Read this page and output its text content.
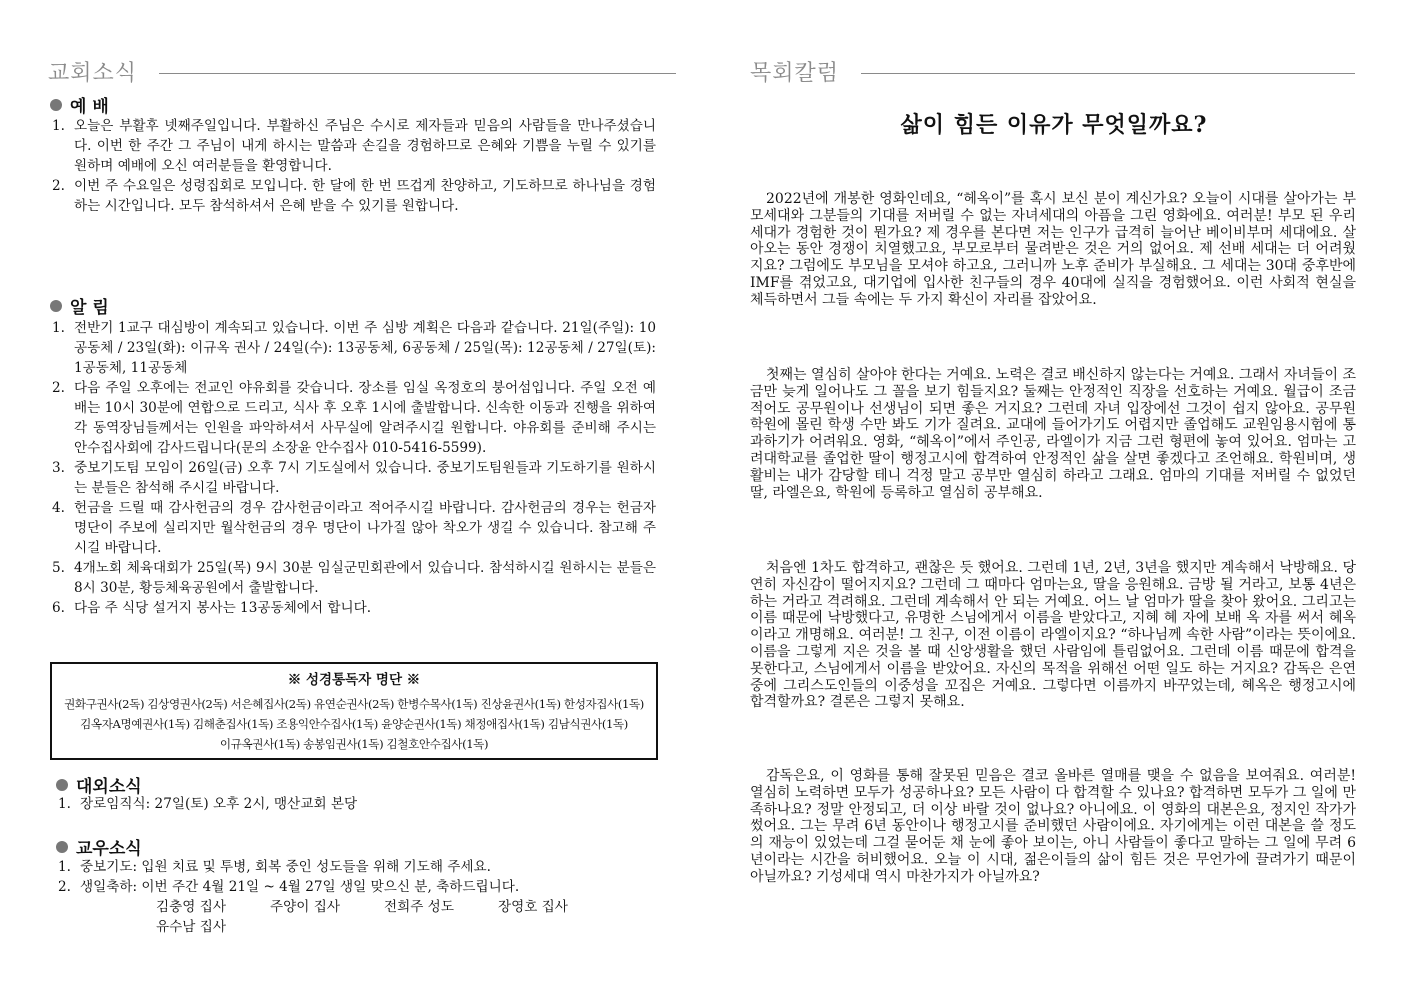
교회소식
예 배
1. 오늘은 부활후 넷째주일입니다. 부활하신 주님은 수시로 제자들과 믿음의 사람들을 만나주셨습니다. 이번 한 주간 그 주님이 내게 하시는 말씀과 손길을 경험하므로 은혜와 기쁨을 누릴 수 있기를 원하며 예배에 오신 여러분들을 환영합니다.
2. 이번 주 수요일은 성령집회로 모입니다. 한 달에 한 번 뜨겁게 찬양하고, 기도하므로 하나님을 경험하는 시간입니다. 모두 참석하셔서 은혜 받을 수 있기를 원합니다.
알 림
1. 전반기 1교구 대심방이 계속되고 있습니다. 이번 주 심방 계획은 다음과 같습니다. 21일(주일): 10공동체 / 23일(화): 이규옥 권사 / 24일(수): 13공동체, 6공동체 / 25일(목): 12공동체 / 27일(토): 1공동체, 11공동체
2. 다음 주일 오후에는 전교인 야유회를 갖습니다. 장소를 임실 옥정호의 붕어섬입니다. 주일 오전 예배는 10시 30분에 연합으로 드리고, 식사 후 오후 1시에 출발합니다. 신속한 이동과 진행을 위하여 각 동역장님들께서는 인원을 파악하셔서 사무실에 알려주시길 원합니다. 야유회를 준비해 주시는 안수집사회에 감사드립니다(문의 소장윤 안수집사 010-5416-5599).
3. 중보기도팀 모임이 26일(금) 오후 7시 기도실에서 있습니다. 중보기도팀원들과 기도하기를 원하시는 분들은 참석해 주시길 바랍니다.
4. 헌금을 드릴 때 감사헌금의 경우 감사헌금이라고 적어주시길 바랍니다. 감사헌금의 경우는 헌금자 명단이 주보에 실리지만 월삭헌금의 경우 명단이 나가질 않아 착오가 생길 수 있습니다. 참고해 주시길 바랍니다.
5. 4개노회 체육대회가 25일(목) 9시 30분 임실군민회관에서 있습니다. 참석하시길 원하시는 분들은 8시 30분, 황등체육공원에서 출발합니다.
6. 다음 주 식당 설거지 봉사는 13공동체에서 합니다.
※ 성경통독자 명단 ※
권화구권사(2독) 김상영권사(2독) 서은혜집사(2독) 유연순권사(2독) 한병수목사(1독) 진상윤권사(1독) 한성자집사(1독)
김옥자A명예권사(1독) 김해춘집사(1독) 조용익안수집사(1독) 윤양순권사(1독) 채정애집사(1독) 김남식권사(1독)
이규옥권사(1독) 송봉임권사(1독) 김철호안수집사(1독)
대외소식
1. 장로임직식: 27일(토) 오후 2시, 맹산교회 본당
교우소식
1. 중보기도: 입원 치료 및 투병, 회복 중인 성도들을 위해 기도해 주세요.
2. 생일축하: 이번 주간 4월 21일 ~ 4월 27일 생일 맞으신 분, 축하드립니다.
김충영 집사	주양이 집사	전희주 성도	장영호 집사
유수남 집사
목회칼럼
삶이 힘든 이유가 무엇일까요?

2022년에 개봉한 영화인데요, “헤옥이”를 혹시 보신 분이 계신가요? 오늘이 시대를 살아가는 부모세대와 그분들의 기대를 저버릴 수 없는 자녀세대의 아픔을 그린 영화에요. 여러분! 부모 된 우리 세대가 경험한 것이 뭔가요? 제 경우를 본다면 저는 인구가 급격히 늘어난 베이비부머 세대에요. 살아오는 동안 경쟁이 치열했고요, 부모로부터 물려받은 것은 거의 없어요. 제 선배 세대는 더 어려웠지요? 그럼에도 부모님을 모셔야 하고요, 그러니까 노후 준비가 부실해요. 그 세대는 30대 중후반에 IMF를 겪었고요, 대기업에 입사한 친구들의 경우 40대에 실직을 경험했어요. 이런 사회적 현실을 체득하면서 그들 속에는 두 가지 확신이 자리를 잡았어요.

첫째는 열심히 살아야 한다는 거예요. 노력은 결코 배신하지 않는다는 거예요. 그래서 자녀들이 조금만 늦게 일어나도 그 꼴을 보기 힘들지요? 둘째는 안정적인 직장을 선호하는 거예요. 월급이 조금 적어도 공무원이나 선생님이 되면 좋은 거지요? 그런데 자녀 입장에선 그것이 쉽지 않아요. 공무원 학원에 몰린 학생 수만 봐도 기가 질려요. 교대에 들어가기도 어렵지만 졸업해도 교원임용시험에 통과하기가 어려워요. 영화, “헤옥이”에서 주인공, 라엘이가 지금 그런 형편에 놓여 있어요. 엄마는 고려대학교를 졸업한 딸이 행정고시에 합격하여 안정적인 삶을 살면 좋겠다고 조언해요. 학원비며, 생활비는 내가 감당할 테니 걱정 말고 공부만 열심히 하라고 그래요. 엄마의 기대를 저버릴 수 없었던 딸, 라엘은요, 학원에 등록하고 열심히 공부해요.

처음엔 1차도 합격하고, 괜찮은 듯 했어요. 그런데 1년, 2년, 3년을 했지만 계속해서 낙방해요. 당연히 자신감이 떨어지지요? 그런데 그 때마다 엄마는요, 딸을 응원해요. 금방 될 거라고, 보통 4년은 하는 거라고 격려해요. 그런데 계속해서 안 되는 거예요. 어느 날 엄마가 딸을 찾아 왔어요. 그리고는 이름 때문에 낙방했다고, 유명한 스님에게서 이름을 받았다고, 지혜 혜 자에 보배 옥 자를 써서 혜옥이라고 개명해요. 여러분! 그 친구, 이전 이름이 라엘이지요? “하나님께 속한 사람”이라는 뜻이에요. 이름을 그렇게 지은 것을 볼 때 신앙생활을 했던 사람임에 틀림없어요. 그런데 이름 때문에 합격을 못한다고, 스님에게서 이름을 받았어요. 자신의 목적을 위해선 어떤 일도 하는 거지요? 감독은 은연중에 그리스도인들의 이중성을 꼬집은 거예요. 그렇다면 이름까지 바꾸었는데, 혜옥은 행정고시에 합격할까요? 결론은 그렇지 못해요.

감독은요, 이 영화를 통해 잘못된 믿음은 결코 올바른 열매를 맺을 수 없음을 보여줘요. 여러분! 열심히 노력하면 모두가 성공하나요? 모든 사람이 다 합격할 수 있나요? 합격하면 모두가 그 일에 만족하나요? 정말 안정되고, 더 이상 바랄 것이 없나요? 아니에요. 이 영화의 대본은요, 정지인 작가가 썼어요. 그는 무려 6년 동안이나 행정고시를 준비했던 사람이에요. 자기에게는 이런 대본을 쓸 정도의 재능이 있었는데 그걸 묻어둔 채 눈에 좋아 보이는, 아니 사람들이 좋다고 말하는 그 일에 무려 6년이라는 시간을 허비했어요. 오늘 이 시대, 젊은이들의 삶이 힘든 것은 무언가에 끌려가기 때문이 아닐까요? 기성세대 역시 마찬가지가 아닐까요?
